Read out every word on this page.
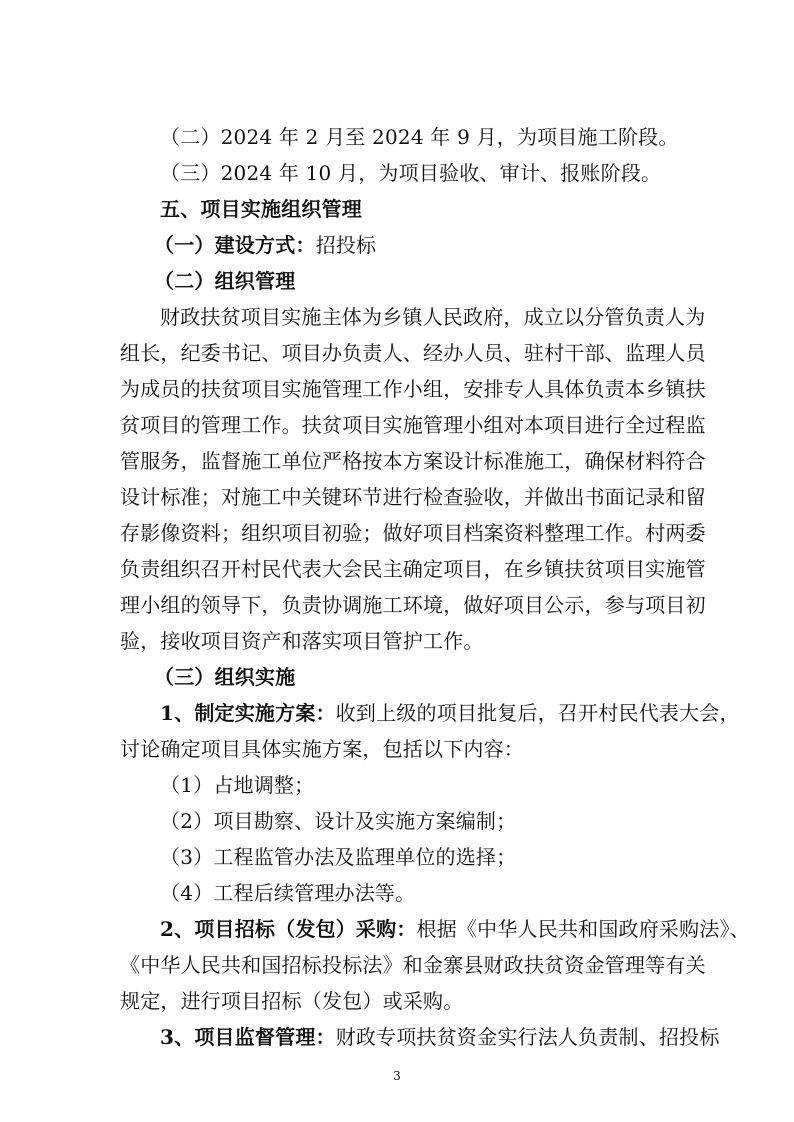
（二）2024 年 2 月至 2024 年 9 月，为项目施工阶段。
（三）2024 年 10 月，为项目验收、审计、报账阶段。
五、项目实施组织管理
（一）建设方式：招投标
（二）组织管理
财政扶贫项目实施主体为乡镇人民政府，成立以分管负责人为
组长，纪委书记、项目办负责人、经办人员、驻村干部、监理人员
为成员的扶贫项目实施管理工作小组，安排专人具体负责本乡镇扶
贫项目的管理工作。扶贫项目实施管理小组对本项目进行全过程监
管服务，监督施工单位严格按本方案设计标准施工，确保材料符合
设计标准；对施工中关键环节进行检查验收，并做出书面记录和留
存影像资料；组织项目初验；做好项目档案资料整理工作。村两委
负责组织召开村民代表大会民主确定项目，在乡镇扶贫项目实施管
理小组的领导下，负责协调施工环境，做好项目公示，参与项目初
验，接收项目资产和落实项目管护工作。
（三）组织实施
1、制定实施方案：收到上级的项目批复后，召开村民代表大会，
讨论确定项目具体实施方案，包括以下内容：
（1）占地调整；
（2）项目勘察、设计及实施方案编制；
（3）工程监管办法及监理单位的选择；
（4）工程后续管理办法等。
2、项目招标（发包）采购：根据《中华人民共和国政府采购法》、
《中华人民共和国招标投标法》和金寨县财政扶贫资金管理等有关
规定，进行项目招标（发包）或采购。
3、项目监督管理：财政专项扶贫资金实行法人负责制、招投标
3
